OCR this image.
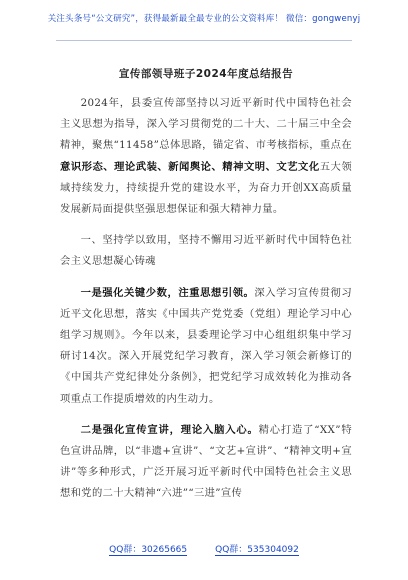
关注头条号“公文研究”，获得最新最全最专业的公文资料库！ 微信：gongwenyj
宣传部领导班子2024年度总结报告

2024年，县委宣传部坚持以习近平新时代中国特色社会主义思想为指导，深入学习贯彻党的二十大、二十届三中全会精神，聚焦“11458”总体思路，锚定省、市考核指标，重点在意识形态、理论武装、新闻舆论、精神文明、文艺文化五大领域持续发力，持续提升党的建设水平，为奋力开创XX高质量发展新局面提供坚强思想保证和强大精神力量。

一、坚持学以致用，坚持不懈用习近平新时代中国特色社会主义思想凝心铸魂

一是强化关键少数，注重思想引领。深入学习宣传贯彻习近平文化思想，落实《中国共产党党委（党组）理论学习中心组学习规则》。今年以来，县委理论学习中心组组织集中学习研讨14次。深入开展党纪学习教育，深入学习领会新修订的《中国共产党纪律处分条例》，把党纪学习成效转化为推动各项重点工作提质增效的内生动力。

二是强化宣传宣讲，理论入脑入心。精心打造了“XX”特色宣讲品牌，以“非遗+宣讲”、“文艺+宣讲”、“精神文明+宣讲”等多种形式，广泛开展习近平新时代中国特色社会主义思想和党的二十大精神“六进”“三进”宣传

QQ群：30265665	QQ群：535304092
